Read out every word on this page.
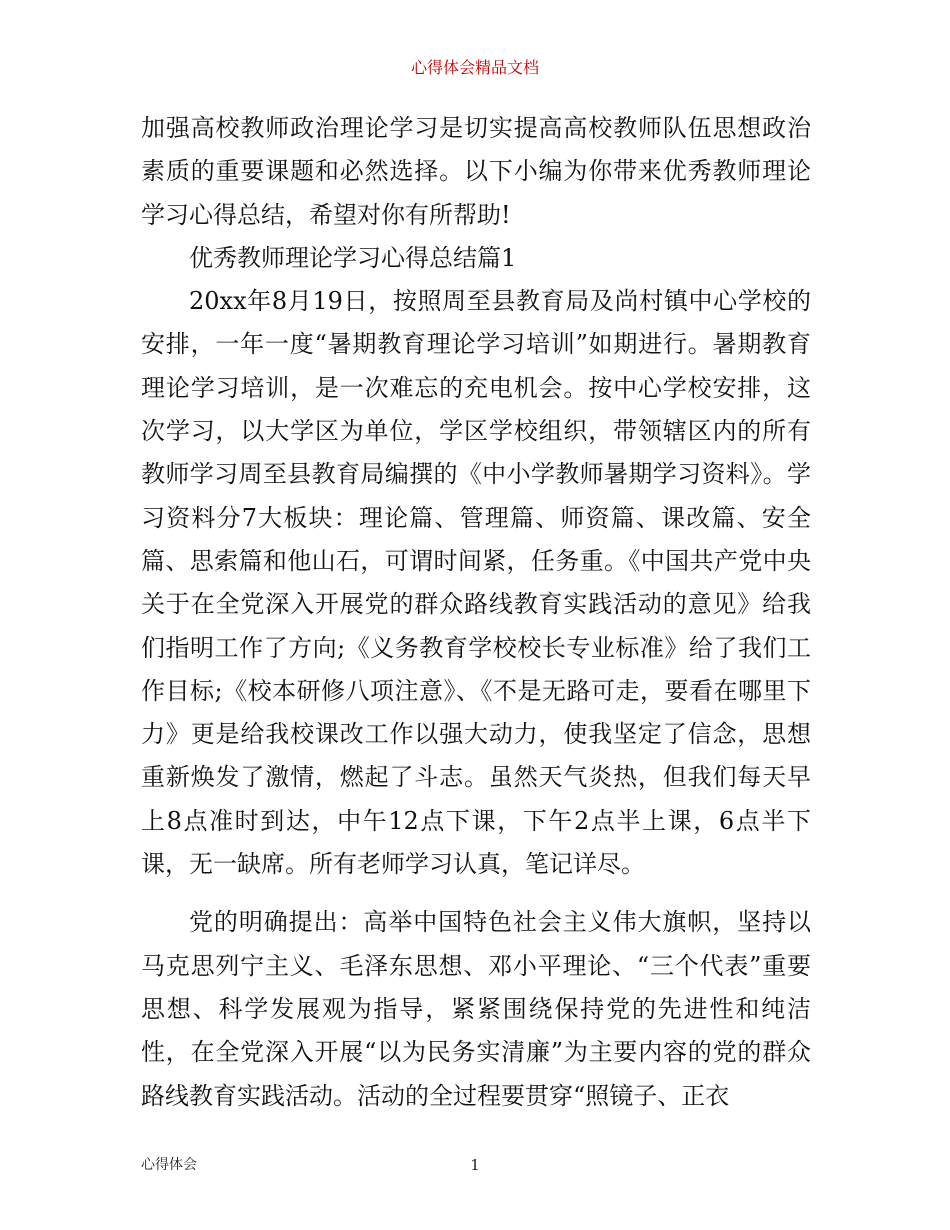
心得体会精品文档

加强高校教师政治理论学习是切实提高高校教师队伍思想政治素质的重要课题和必然选择。以下小编为你带来优秀教师理论学习心得总结，希望对你有所帮助!

优秀教师理论学习心得总结篇1

20xx年8月19日，按照周至县教育局及尚村镇中心学校的安排，一年一度“暑期教育理论学习培训”如期进行。暑期教育理论学习培训，是一次难忘的充电机会。按中心学校安排，这次学习，以大学区为单位，学区学校组织，带领辖区内的所有教师学习周至县教育局编撰的《中小学教师暑期学习资料》。学习资料分7大板块：理论篇、管理篇、师资篇、课改篇、安全篇、思索篇和他山石，可谓时间紧，任务重。《中国共产党中央关于在全党深入开展党的群众路线教育实践活动的意见》给我们指明工作了方向;《义务教育学校校长专业标准》给了我们工作目标;《校本研修八项注意》、《不是无路可走，要看在哪里下力》更是给我校课改工作以强大动力，使我坚定了信念，思想重新焕发了激情，燃起了斗志。虽然天气炎热，但我们每天早上8点准时到达，中午12点下课，下午2点半上课，6点半下课，无一缺席。所有老师学习认真，笔记详尽。

党的明确提出：高举中国特色社会主义伟大旗帜，坚持以马克思列宁主义、毛泽东思想、邓小平理论、“三个代表”重要思想、科学发展观为指导，紧紧围绕保持党的先进性和纯洁性，在全党深入开展“以为民务实清廉”为主要内容的党的群众路线教育实践活动。活动的全过程要贯穿“照镜子、正衣

心得体会	1
